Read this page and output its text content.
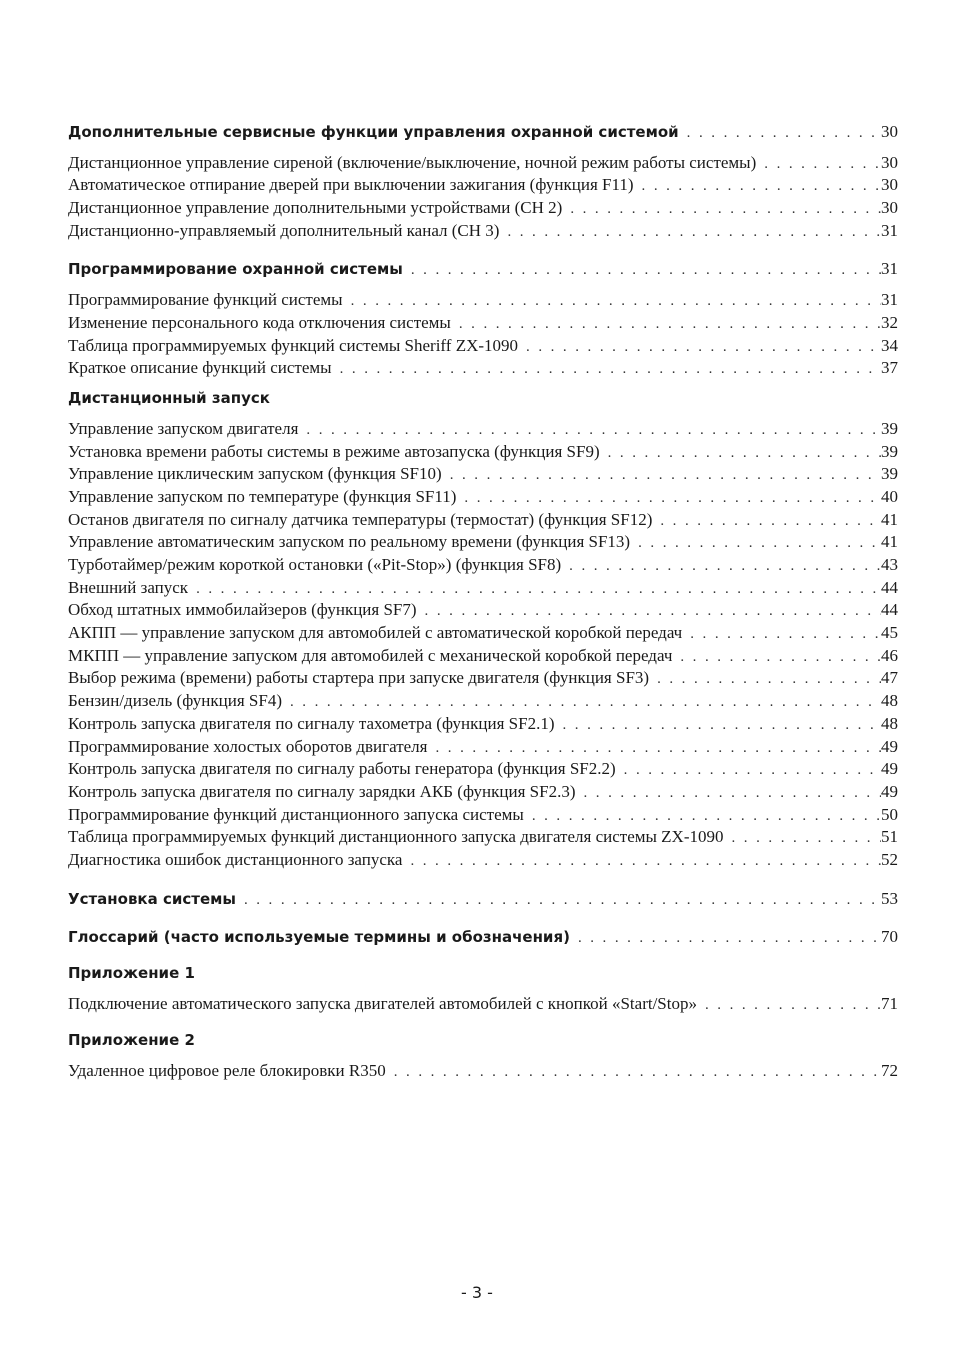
Дополнительные сервисные функции управления охранной системой . . .	30
Дистанционное управление сиреной (включение/выключение, ночной режим работы системы) . . .	30
Автоматическое отпирание дверей при выключении зажигания (функция F11) . . .	30
Дистанционное управление дополнительными устройствами (CH 2) . . .	30
Дистанционно-управляемый дополнительный канал (CH 3) . . .	31
Программирование охранной системы . . .	31
Программирование функций системы . . .	31
Изменение персонального кода отключения системы . . .	32
Таблица программируемых функций системы Sheriff ZX-1090 . . .	34
Краткое описание функций системы . . .	37
Дистанционный запуск
Управление запуском двигателя . . .	39
Установка времени работы системы в режиме автозапуска (функция SF9) . . .	39
Управление циклическим запуском (функция SF10) . . .	39
Управление запуском по температуре (функция SF11) . . .	40
Останов двигателя по сигналу датчика температуры (термостат) (функция SF12) . . .	41
Управление автоматическим запуском по реальному времени (функция SF13) . . .	41
Турботаймер/режим короткой остановки («Pit-Stop») (функция SF8) . . .	43
Внешний запуск . . .	44
Обход штатных иммобилайзеров (функция SF7) . . .	44
АКПП — управление запуском для автомобилей с автоматической коробкой передач . . .	45
МКПП — управление запуском для автомобилей с механической коробкой передач . . .	46
Выбор режима (времени) работы стартера при запуске двигателя (функция SF3) . . .	47
Бензин/дизель (функция SF4) . . .	48
Контроль запуска двигателя по сигналу тахометра (функция SF2.1) . . .	48
Программирование холостых оборотов двигателя . . .	49
Контроль запуска двигателя по сигналу работы генератора (функция SF2.2) . . .	49
Контроль запуска двигателя по сигналу зарядки АКБ (функция SF2.3) . . .	49
Программирование функций дистанционного запуска системы . . .	50
Таблица программируемых функций дистанционного запуска двигателя системы ZX-1090 . . .	51
Диагностика ошибок дистанционного запуска . . .	52
Установка системы . . .	53
Глоссарий (часто используемые термины и обозначения) . . .	70
Приложение 1
Подключение автоматического запуска двигателей автомобилей с кнопкой «Start/Stop» . . .	71
Приложение 2
Удаленное цифровое реле блокировки R350 . . .	72
- 3 -
